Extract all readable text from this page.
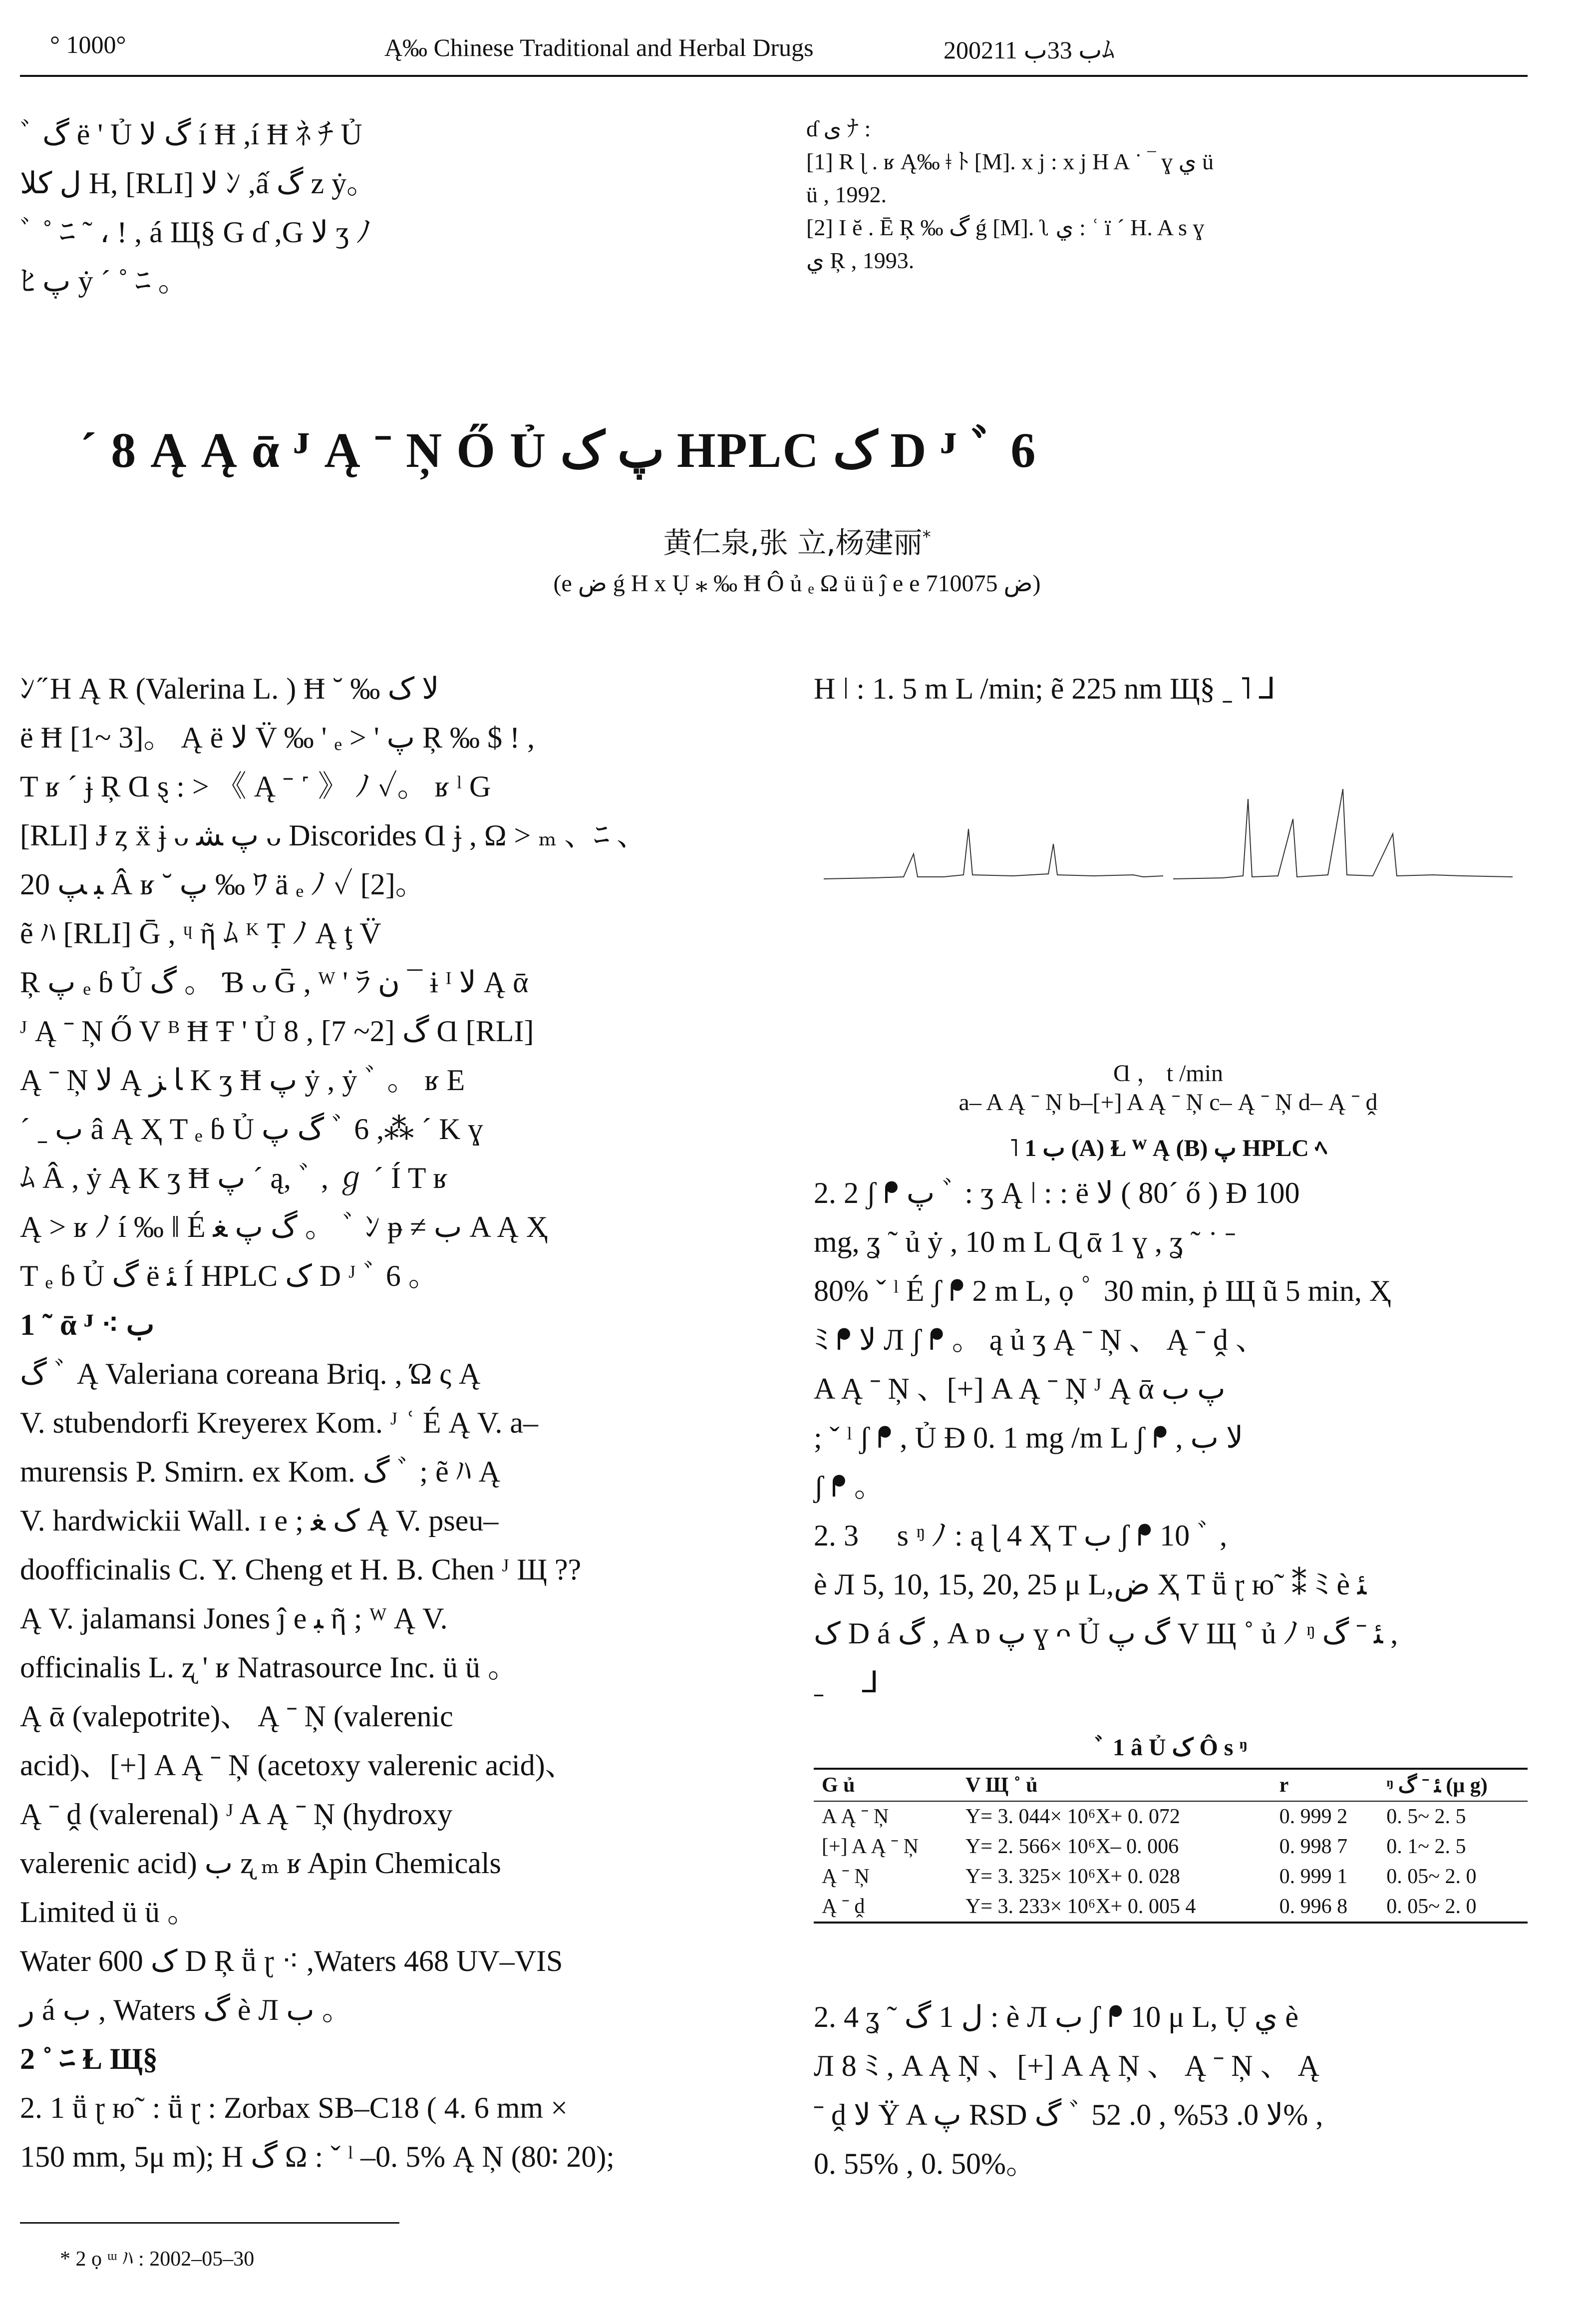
° 1000°	Ą‰ Chinese Traditional and Herbal Drugs	2002ب 33ب 11ﾑ
ﾞ گ ë ' Ủ گ لا í Ħ ,í Ħ ﾈ ﾁ Ủ
ل کلا H, [RLI] لا ﾝ ,ấ گ z ẏ。
ﾞ ˚ ﾆ ˜ ، ! , á Щ§ G ɗ ,G لا ʒ ﾉ
ﾋ پ ẏ ˊ ˚ ﾆ 。
ɗ ى ﾅ :
[1] R ɭ . ʁ Ą‰ ǂ ﾄ [M]. x j : x j H A ˙ ‾ ɣ ي ü
ü , 1992.
[2] I ĕ . Ē Ŗ ‰ گ ǵ [M]. ʅ ي : ʿ ï ˊ H. A s ɣ
ي Ŗ , 1993.
ˊ 8 Ą Ą ᾱ ᴶ Ą ˉ Ņ Ő Ủ پ ک HPLC ک D ᴶ ﾞ 6
黄仁泉,张 立,杨建丽*
(e ﺽ ǵ H x Ụ ⁎ ‰ Ħ Ô ủ ₑ Ω ü ü ĵ e e ﺽ 710075)
ﾝ ̋ H Ą R (Valerina L. ) Ħ ˘ ‰ لا ک
ë Ħ [1~ 3]。 Ą ë لا V̈ ‰ ' ₑ > ' پ Ŗ ‰ $ ! ,
T ʁ ˊ ɉ Ŗ Ɑ ȿ : > 《 Ą ˉ ˹ 》 ﾉ ✓。 ʁ ˡ G
[RLI] Ɉ ȥ ẍ ɉ ᴗ پ ﺸ ᴗ Discorides Ɑ ɉ , Ω > ₘ 、ﾆ 、
ﺒ ﭗ 20 Â ʁ ˘ پ ‰ ﾜ ä ₑ ﾉ ✓ [2]。
ẽ ﾊ [RLI] Ḡ , ᶣ ῆ ﾑ ᴷ Ṭ ﾉ Ą ţ V̈
Ŗ پ ₑ ɓ Ủ گ 。 Ɓ ᴗ Ḡ , ᵂ ' ﾗ ن ¯ ɨ ᴵ لا Ą ᾱ
ᴶ Ą ˉ Ņ Ő V ᴮ Ħ Ŧ ' Ủ گ [2~ 7] , 8 Ɑ [RLI]
Ą ˉ Ņ لا Ą ﺎ ﺰ K ʒ Ħ پ ẏ , ẏ ﾞ 。 ʁ E
ˊ ˍ ﺏ â Ą Ҳ T ₑ ɓ Ủ گ پ ﾞ 6 ,⁂ ˊ K ɣ
ﾑ Â , ẏ Ą K ʒ Ħ پ ˊ ą, ﾞ , ℊ ˊ Í T ʁ
Ą > ʁ ﾉ í ‰ ǁ É گ پ ﻐ 。 ﾞ ﾝ ᵽ ≠ ﺏ A Ą Ҳ
T ₑ ɓ Ủ گ ë ﺌ Í HPLC ک D ᴶ ﾞ 6 。
1 ˜ ᾱ ᴶ ⁖ ب
گ ﾞ Ą Valeriana coreana Briq. , Ώ ς Ą
V. stubendorfi Kreyerex Kom. ᴶ ʿ É Ą V. a–
murensis P. Smirn. ex Kom. گ ﾞ ; ẽ ﾊ Ą
V. hardwickii Wall. ɪ e ; ک ﻐ Ą V. pseu–
doofficinalis C. Y. Cheng et H. B. Chen ᴶ Щ ??
Ą V. jalamansi Jones ĵ e ﺒ ῆ ; ᵂ Ą V.
officinalis L. ʐ ' ʁ Natrasource Inc. ü ü 。
Ą ᾱ (valepotrite)、 Ą ˉ Ņ (valerenic
acid)、[+] A Ą ˉ Ņ (acetoxy valerenic acid)、
Ą ˉ ḓ (valerenal) ᴶ A Ą ˉ Ņ (hydroxy
valerenic acid) ﺏ ʐ ₘ ʁ Apin Chemicals
Limited ü ü 。
Water 600 ک D Ŗ ṻ ɽ ⁖ ,Waters 468 UV–VIS
ﺭ á ب , Waters گ è Л ب 。
2 ˚ ﾆ Ɫ Щ§
2. 1 ṻ ɽ ю˜ : ṻ ɽ : Zorbax SB–C18 ( 4. 6 mm ×
150 mm, 5μ m); H گ Ω : ˇ ˡ –0. 5% Ą Ņ (80∶ 20);
H ǀ : 1. 5 m L /min; ẽ 225 nm Щ§ ˍ ˥ ⅃
Ɑ ， t /min
a– A Ą ˉ Ņ b–[+] A Ą ˉ Ņ c– Ą ˉ Ņ d– Ą ˉ ḓ
˥ 1 ﺏ (A) Ɫ ᵂ Ą (B) پ HPLC ﾍ
2. 2 ʃ ᖰ پ ﾞ : ʒ Ą ǀ : : ë ﻻ ( 80ˊ ő ) Ɖ 100
mg, ʓ ˜ ủ ẏ , 10 m L Ɋ ᾱ 1 ɣ , ʓ ˜ ˙ ˉ
80% ˇ ˡ É ʃ ᖰ 2 m L, ọ ﾟ 30 min, ṗ Щ ũ 5 min, Ҳ
ﾐ ᖰ لا Л ʃ ᖰ 。 ą ủ ʒ Ą ˉ Ņ 、 Ą ˉ ḓ 、
A Ą ˉ Ņ 、[+] A Ą ˉ Ņ ᴶ Ą ᾱ پ ﺏ
; ˇ ˡ ʃ ᖰ , Ủ Ɖ 0. 1 mg /m L ʃ ᖰ , لا ﺏ
ʃ ᖰ 。
2. 3 ﾞ s ᵑ ﾉ : ą ɭ 4 Ҳ T ﺏ ʃ ᖰ 10 ﾞ ,
è Л 5, 10, 15, 20, 25 μ L,ﺽ Ҳ T ṻ ɽ ю˜ ⁑ ﾐ è ﺌ
ک D á گ , A ɒ پ ɣ ᴖ Ủ گ پ V Щ ˚ ủ ﾉ ᵑ ﺌ ˉ گ ,
ˍ ﾞ ⅃
ﾞ 1 â Ủ ک Ô s ᵑ
G ủ	V Щ ˚ ủ	r	ᵑ ﺌ ˉ گ (μ g)
A Ą ˉ Ņ	Y= 3. 044× 10⁶X+ 0. 072	0. 999 2	0. 5~ 2. 5
[+] A Ą ˉ Ņ	Y= 2. 566× 10⁶X– 0. 006	0. 998 7	0. 1~ 2. 5
Ą ˉ Ņ	Y= 3. 325× 10⁶X+ 0. 028	0. 999 1	0. 05~ 2. 0
Ą ˉ ḓ	Y= 3. 233× 10⁶X+ 0. 005 4	0. 996 8	0. 05~ 2. 0
2. 4 ʓ ˜ ﻝ 1 گ : è Л ﺏ ʃ ᖰ 10 μ L, Ụ ي è
Л 8 ﾐ , A Ą Ņ 、[+] A Ą Ņ 、 Ą ˉ Ņ 、 Ą
ˉ ḓ ﻻ Ÿ A پ RSD گ ﾞ لا 0. 53% , 0. 52% ,
0. 55% , 0. 50%。
* 2 ọ ᵚ ﾊ : 2002–05–30
